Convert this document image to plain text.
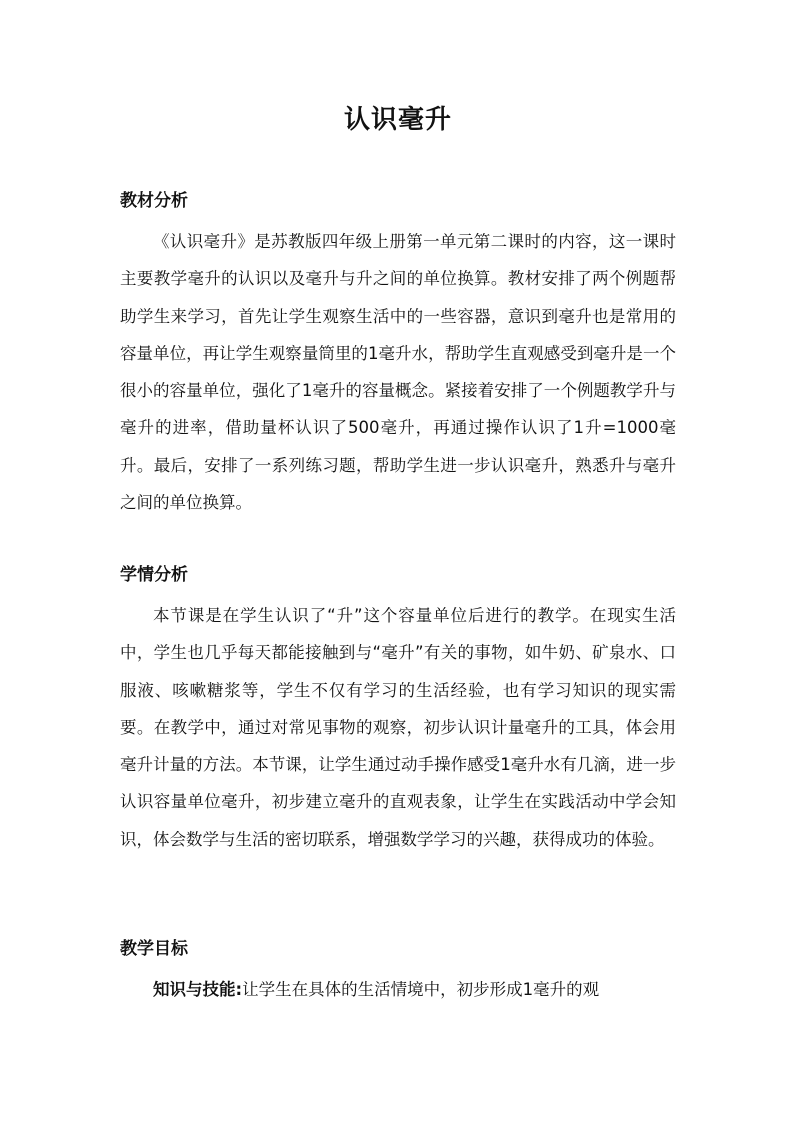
认识毫升
教材分析
《认识毫升》是苏教版四年级上册第一单元第二课时的内容，这一课时主要教学毫升的认识以及毫升与升之间的单位换算。教材安排了两个例题帮助学生来学习，首先让学生观察生活中的一些容器，意识到毫升也是常用的容量单位，再让学生观察量筒里的1毫升水，帮助学生直观感受到毫升是一个很小的容量单位，强化了1毫升的容量概念。紧接着安排了一个例题教学升与毫升的进率，借助量杯认识了500毫升，再通过操作认识了1升=1000毫升。最后，安排了一系列练习题，帮助学生进一步认识毫升，熟悉升与毫升之间的单位换算。
学情分析
本节课是在学生认识了“升”这个容量单位后进行的教学。在现实生活中，学生也几乎每天都能接触到与“毫升”有关的事物，如牛奶、矿泉水、口服液、咳嗽糖浆等，学生不仅有学习的生活经验，也有学习知识的现实需要。在教学中，通过对常见事物的观察，初步认识计量毫升的工具，体会用毫升计量的方法。本节课，让学生通过动手操作感受1毫升水有几滴，进一步认识容量单位毫升，初步建立毫升的直观表象，让学生在实践活动中学会知识，体会数学与生活的密切联系，增强数学学习的兴趣，获得成功的体验。
教学目标
知识与技能:让学生在具体的生活情境中，初步形成1毫升的观
